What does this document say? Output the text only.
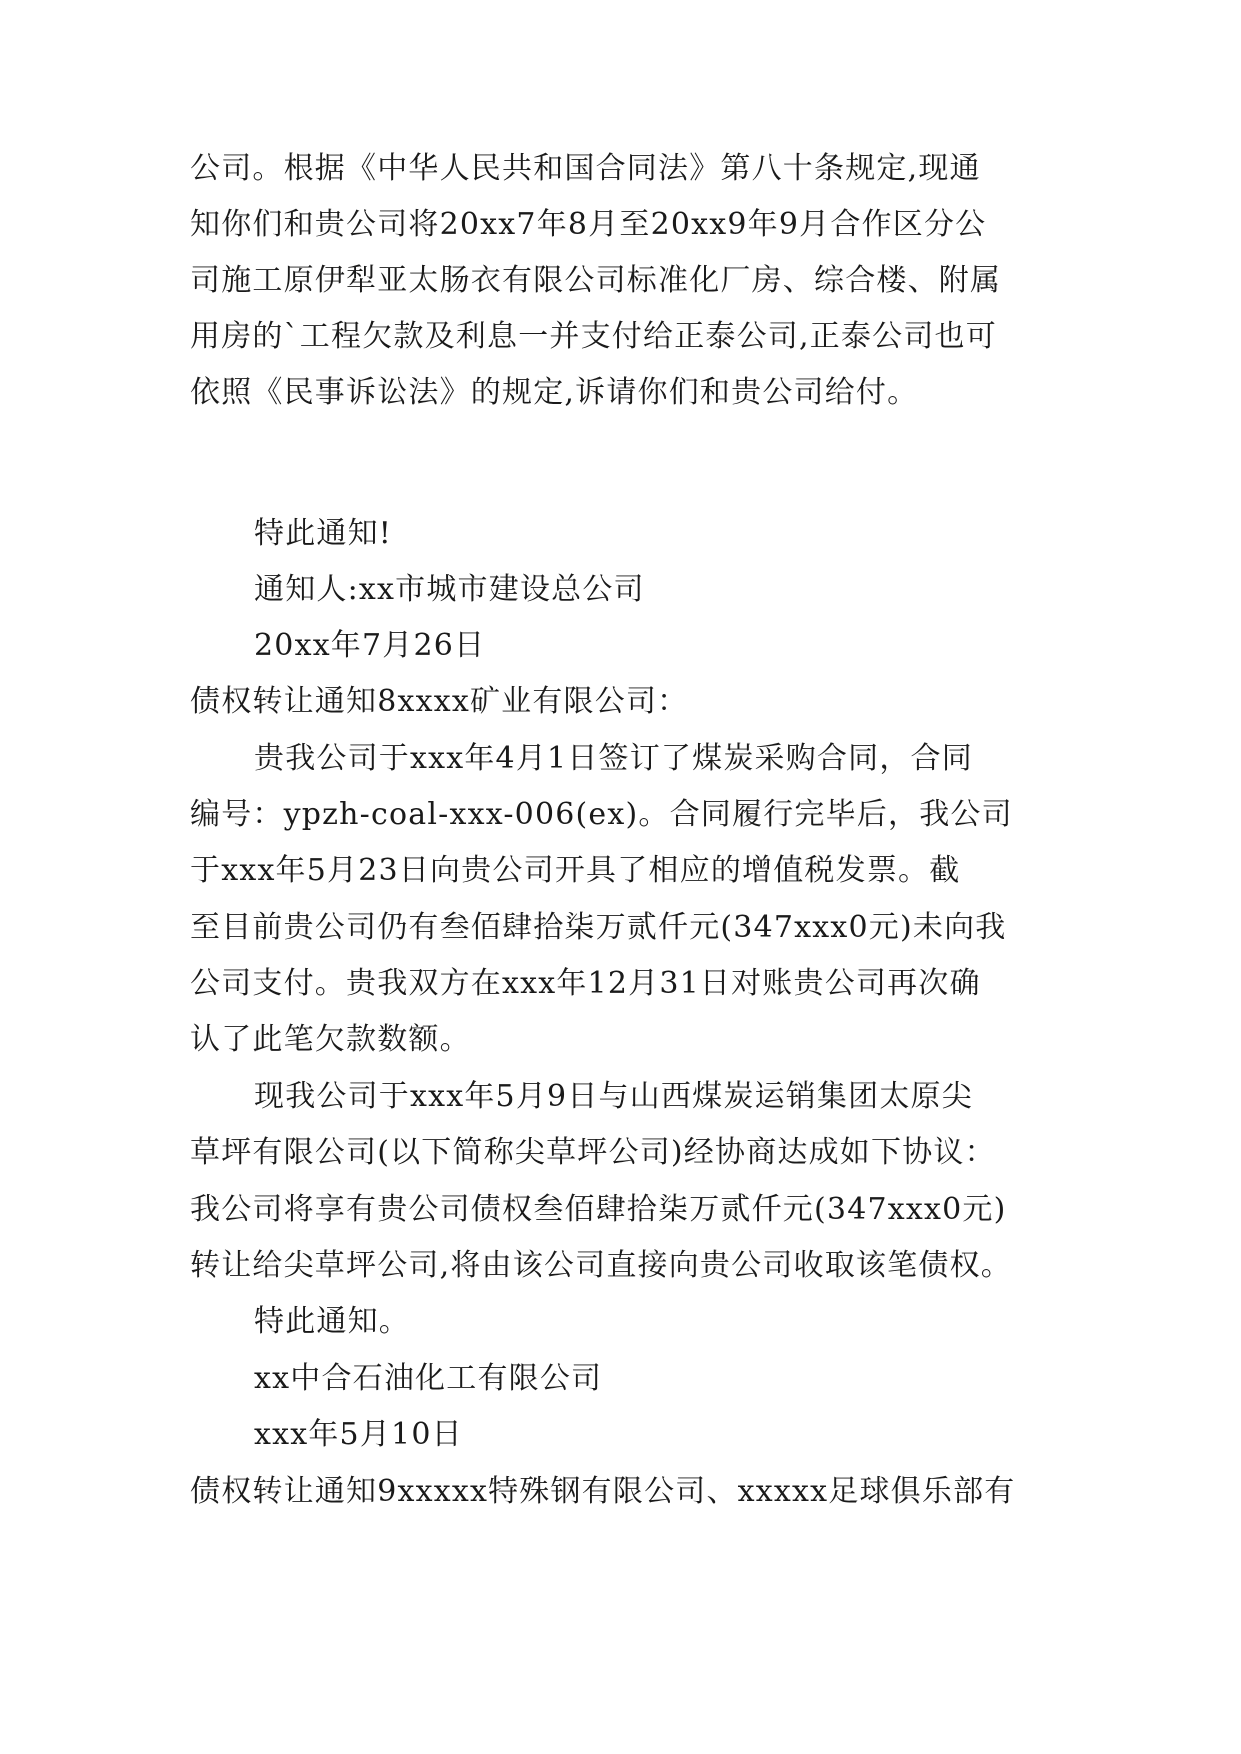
公司。根据《中华人民共和国合同法》第八十条规定,现通
知你们和贵公司将20xx7年8月至20xx9年9月合作区分公
司施工原伊犁亚太肠衣有限公司标准化厂房、综合楼、附属
用房的`工程欠款及利息一并支付给正泰公司,正泰公司也可
依照《民事诉讼法》的规定,诉请你们和贵公司给付。
特此通知!
通知人:xx市城市建设总公司
20xx年7月26日
债权转让通知8xxxx矿业有限公司：
贵我公司于xxx年4月1日签订了煤炭采购合同，合同
编号：ypzh-coal-xxx-006(ex)。合同履行完毕后，我公司
于xxx年5月23日向贵公司开具了相应的增值税发票。截
至目前贵公司仍有叁佰肆拾柒万贰仟元(347xxx0元)未向我
公司支付。贵我双方在xxx年12月31日对账贵公司再次确
认了此笔欠款数额。
现我公司于xxx年5月9日与山西煤炭运销集团太原尖
草坪有限公司(以下简称尖草坪公司)经协商达成如下协议：
我公司将享有贵公司债权叁佰肆拾柒万贰仟元(347xxx0元)
转让给尖草坪公司,将由该公司直接向贵公司收取该笔债权。
特此通知。
xx中合石油化工有限公司
xxx年5月10日
债权转让通知9xxxxx特殊钢有限公司、xxxxx足球俱乐部有
